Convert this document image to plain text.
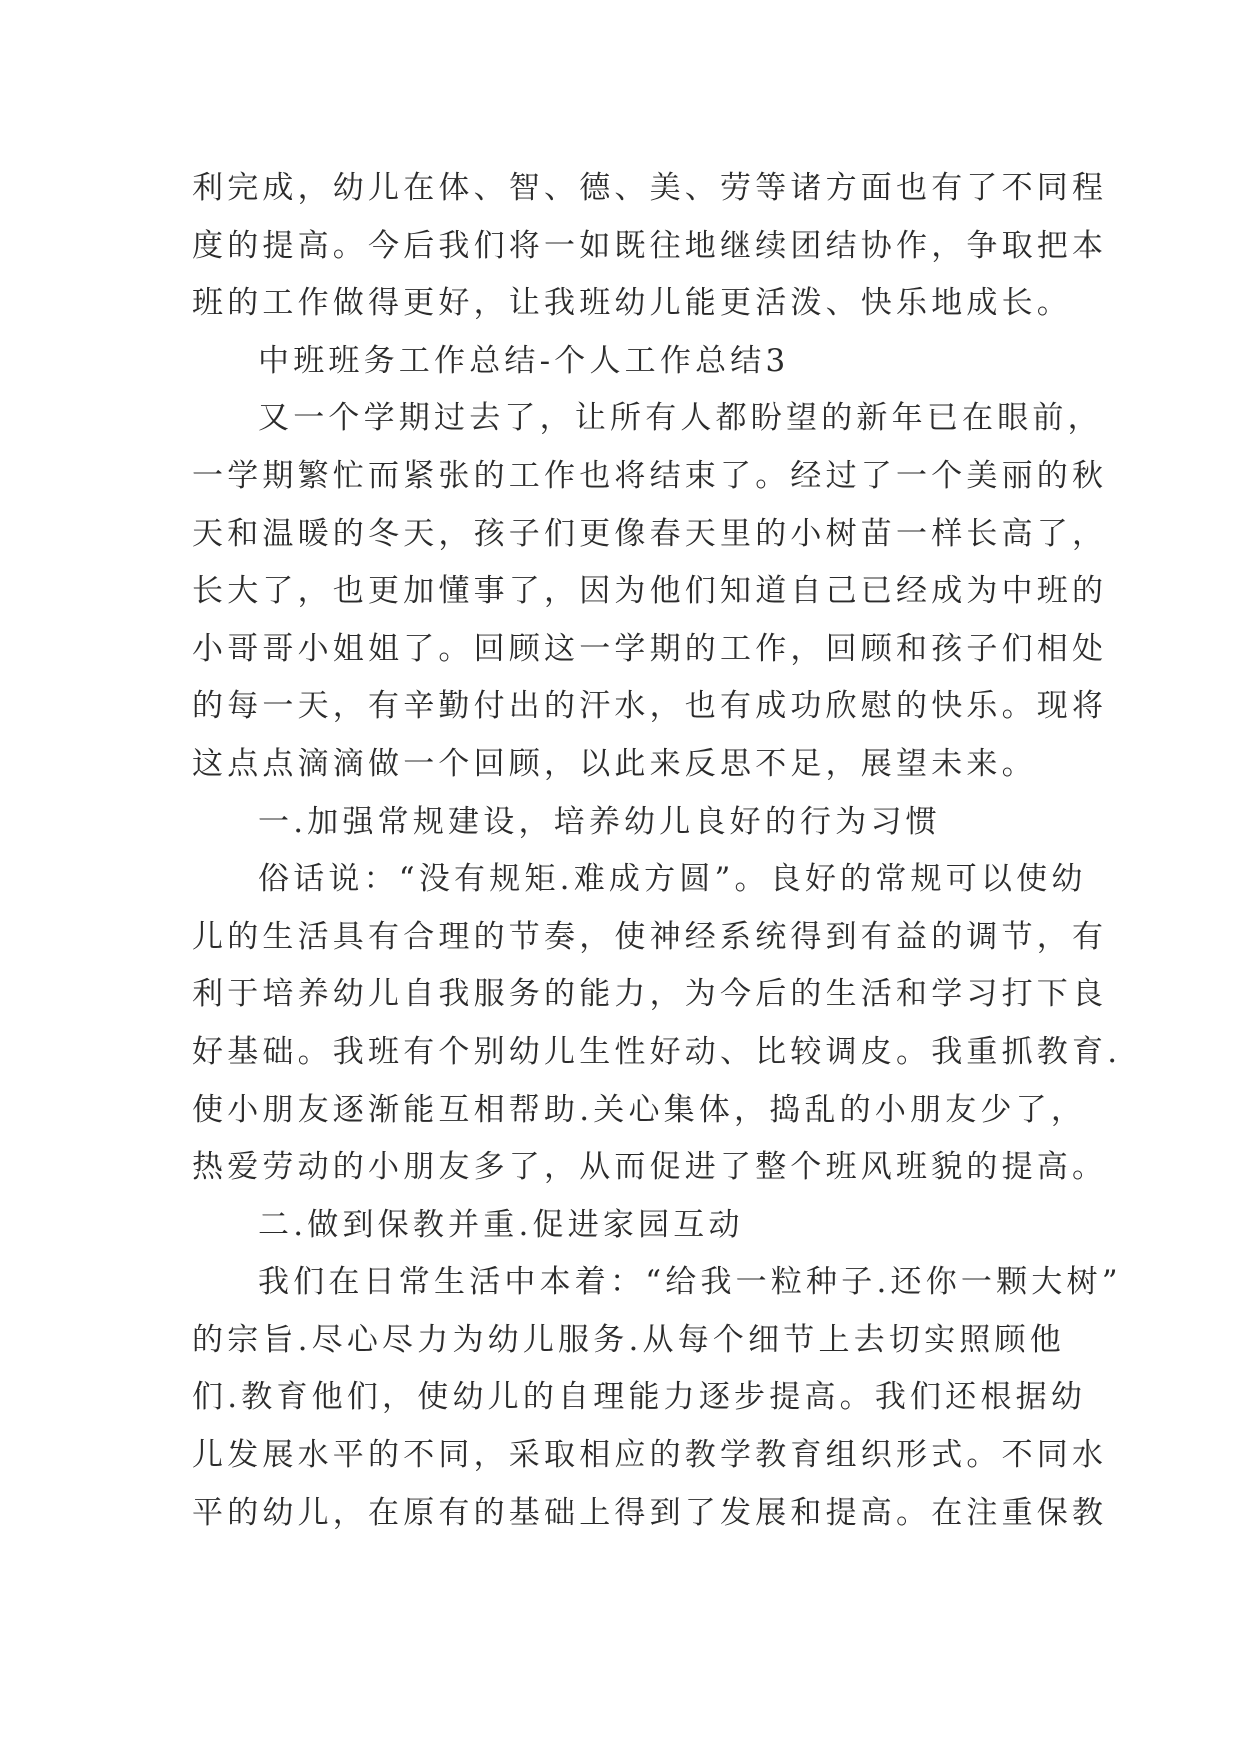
利完成，幼儿在体、智、德、美、劳等诸方面也有了不同程
度的提高。今后我们将一如既往地继续团结协作，争取把本
班的工作做得更好，让我班幼儿能更活泼、快乐地成长。
中班班务工作总结-个人工作总结3
又一个学期过去了，让所有人都盼望的新年已在眼前，
一学期繁忙而紧张的工作也将结束了。经过了一个美丽的秋
天和温暖的冬天，孩子们更像春天里的小树苗一样长高了，
长大了，也更加懂事了，因为他们知道自己已经成为中班的
小哥哥小姐姐了。回顾这一学期的工作，回顾和孩子们相处
的每一天，有辛勤付出的汗水，也有成功欣慰的快乐。现将
这点点滴滴做一个回顾，以此来反思不足，展望未来。
一.加强常规建设，培养幼儿良好的行为习惯
俗话说：“没有规矩.难成方圆”。良好的常规可以使幼
儿的生活具有合理的节奏，使神经系统得到有益的调节，有
利于培养幼儿自我服务的能力，为今后的生活和学习打下良
好基础。我班有个别幼儿生性好动、比较调皮。我重抓教育.
使小朋友逐渐能互相帮助.关心集体，捣乱的小朋友少了，
热爱劳动的小朋友多了，从而促进了整个班风班貌的提高。
二.做到保教并重.促进家园互动
我们在日常生活中本着：“给我一粒种子.还你一颗大树”
的宗旨.尽心尽力为幼儿服务.从每个细节上去切实照顾他
们.教育他们，使幼儿的自理能力逐步提高。我们还根据幼
儿发展水平的不同，采取相应的教学教育组织形式。不同水
平的幼儿，在原有的基础上得到了发展和提高。在注重保教
